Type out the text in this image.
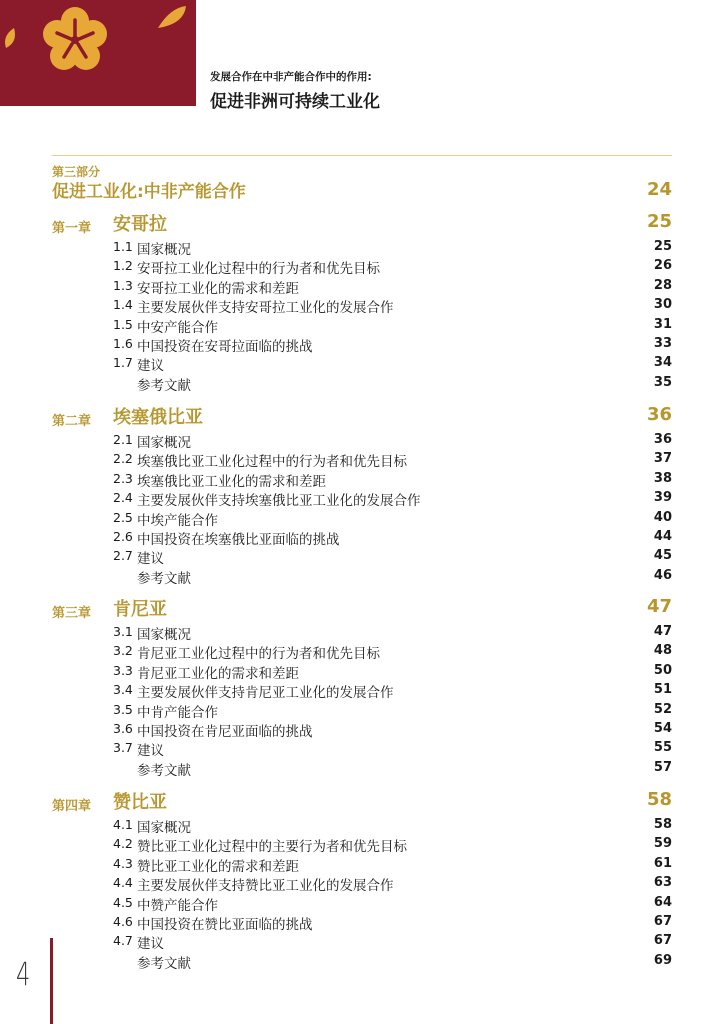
发展合作在中非产能合作中的作用:
促进非洲可持续工业化
第三部分
促进工业化:中非产能合作	24
第一章 安哥拉	25
1.1 国家概况	25
1.2 安哥拉工业化过程中的行为者和优先目标	26
1.3 安哥拉工业化的需求和差距	28
1.4 主要发展伙伴支持安哥拉工业化的发展合作	30
1.5 中安产能合作	31
1.6 中国投资在安哥拉面临的挑战	33
1.7 建议	34
参考文献	35
第二章 埃塞俄比亚	36
2.1 国家概况	36
2.2 埃塞俄比亚工业化过程中的行为者和优先目标	37
2.3 埃塞俄比亚工业化的需求和差距	38
2.4 主要发展伙伴支持埃塞俄比亚工业化的发展合作	39
2.5 中埃产能合作	40
2.6 中国投资在埃塞俄比亚面临的挑战	44
2.7 建议	45
参考文献	46
第三章 肯尼亚	47
3.1 国家概况	47
3.2 肯尼亚工业化过程中的行为者和优先目标	48
3.3 肯尼亚工业化的需求和差距	50
3.4 主要发展伙伴支持肯尼亚工业化的发展合作	51
3.5 中肯产能合作	52
3.6 中国投资在肯尼亚面临的挑战	54
3.7 建议	55
参考文献	57
第四章 赞比亚	58
4.1 国家概况	58
4.2 赞比亚工业化过程中的主要行为者和优先目标	59
4.3 赞比亚工业化的需求和差距	61
4.4 主要发展伙伴支持赞比亚工业化的发展合作	63
4.5 中赞产能合作	64
4.6 中国投资在赞比亚面临的挑战	67
4.7 建议	67
参考文献	69
4
